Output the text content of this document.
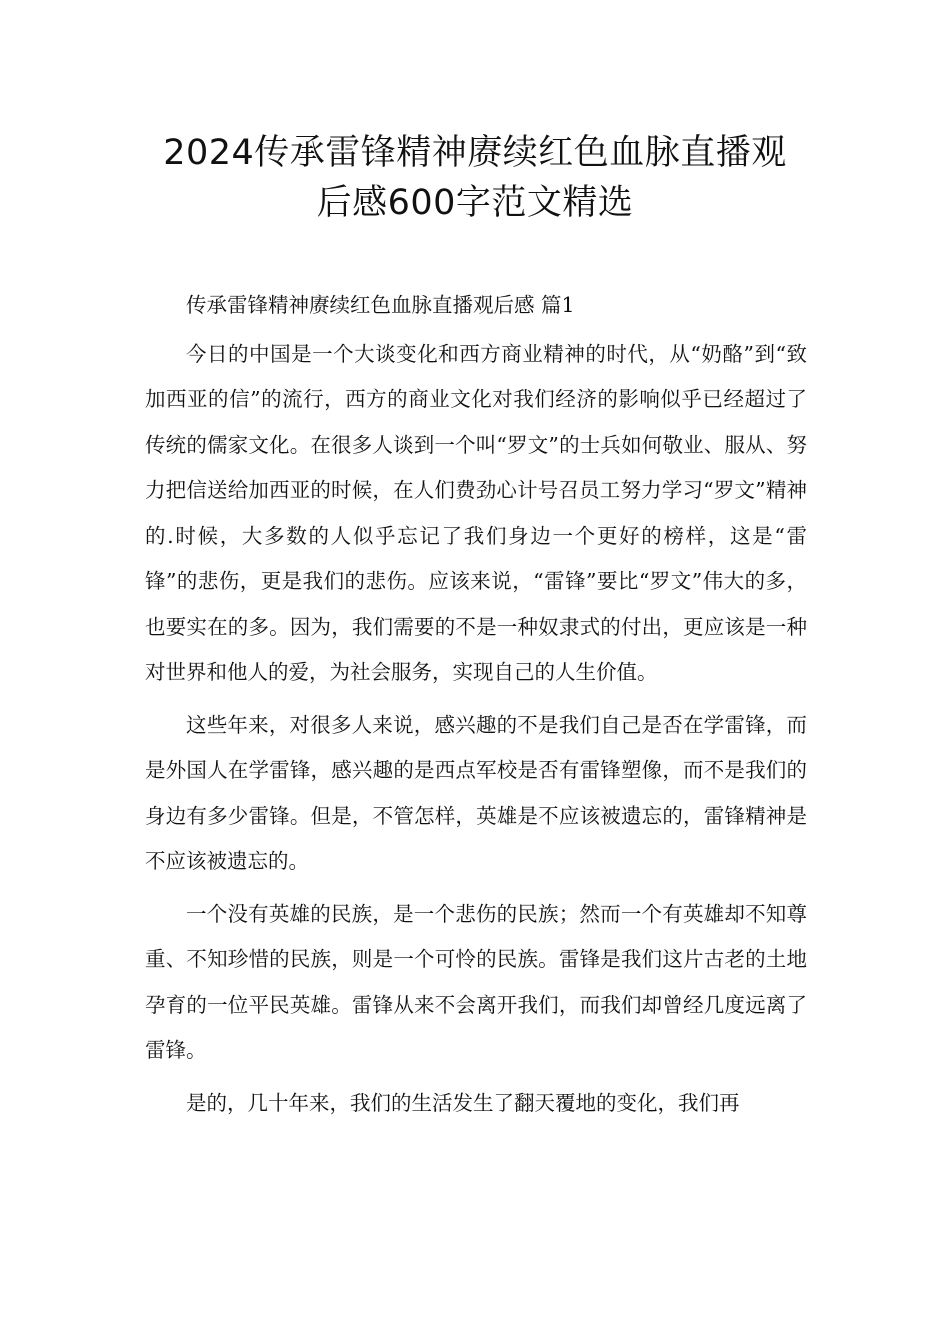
2024传承雷锋精神赓续红色血脉直播观
后感600字范文精选

传承雷锋精神赓续红色血脉直播观后感 篇1

今日的中国是一个大谈变化和西方商业精神的时代，从“奶酪”到“致加西亚的信”的流行，西方的商业文化对我们经济的影响似乎已经超过了传统的儒家文化。在很多人谈到一个叫“罗文”的士兵如何敬业、服从、努力把信送给加西亚的时候，在人们费劲心计号召员工努力学习“罗文”精神的.时候，大多数的人似乎忘记了我们身边一个更好的榜样，这是“雷锋”的悲伤，更是我们的悲伤。应该来说，“雷锋”要比“罗文”伟大的多，也要实在的多。因为，我们需要的不是一种奴隶式的付出，更应该是一种对世界和他人的爱，为社会服务，实现自己的人生价值。

这些年来，对很多人来说，感兴趣的不是我们自己是否在学雷锋，而是外国人在学雷锋，感兴趣的是西点军校是否有雷锋塑像，而不是我们的身边有多少雷锋。但是，不管怎样，英雄是不应该被遗忘的，雷锋精神是不应该被遗忘的。

一个没有英雄的民族，是一个悲伤的民族；然而一个有英雄却不知尊重、不知珍惜的民族，则是一个可怜的民族。雷锋是我们这片古老的土地孕育的一位平民英雄。雷锋从来不会离开我们，而我们却曾经几度远离了雷锋。

是的，几十年来，我们的生活发生了翻天覆地的变化，我们再
